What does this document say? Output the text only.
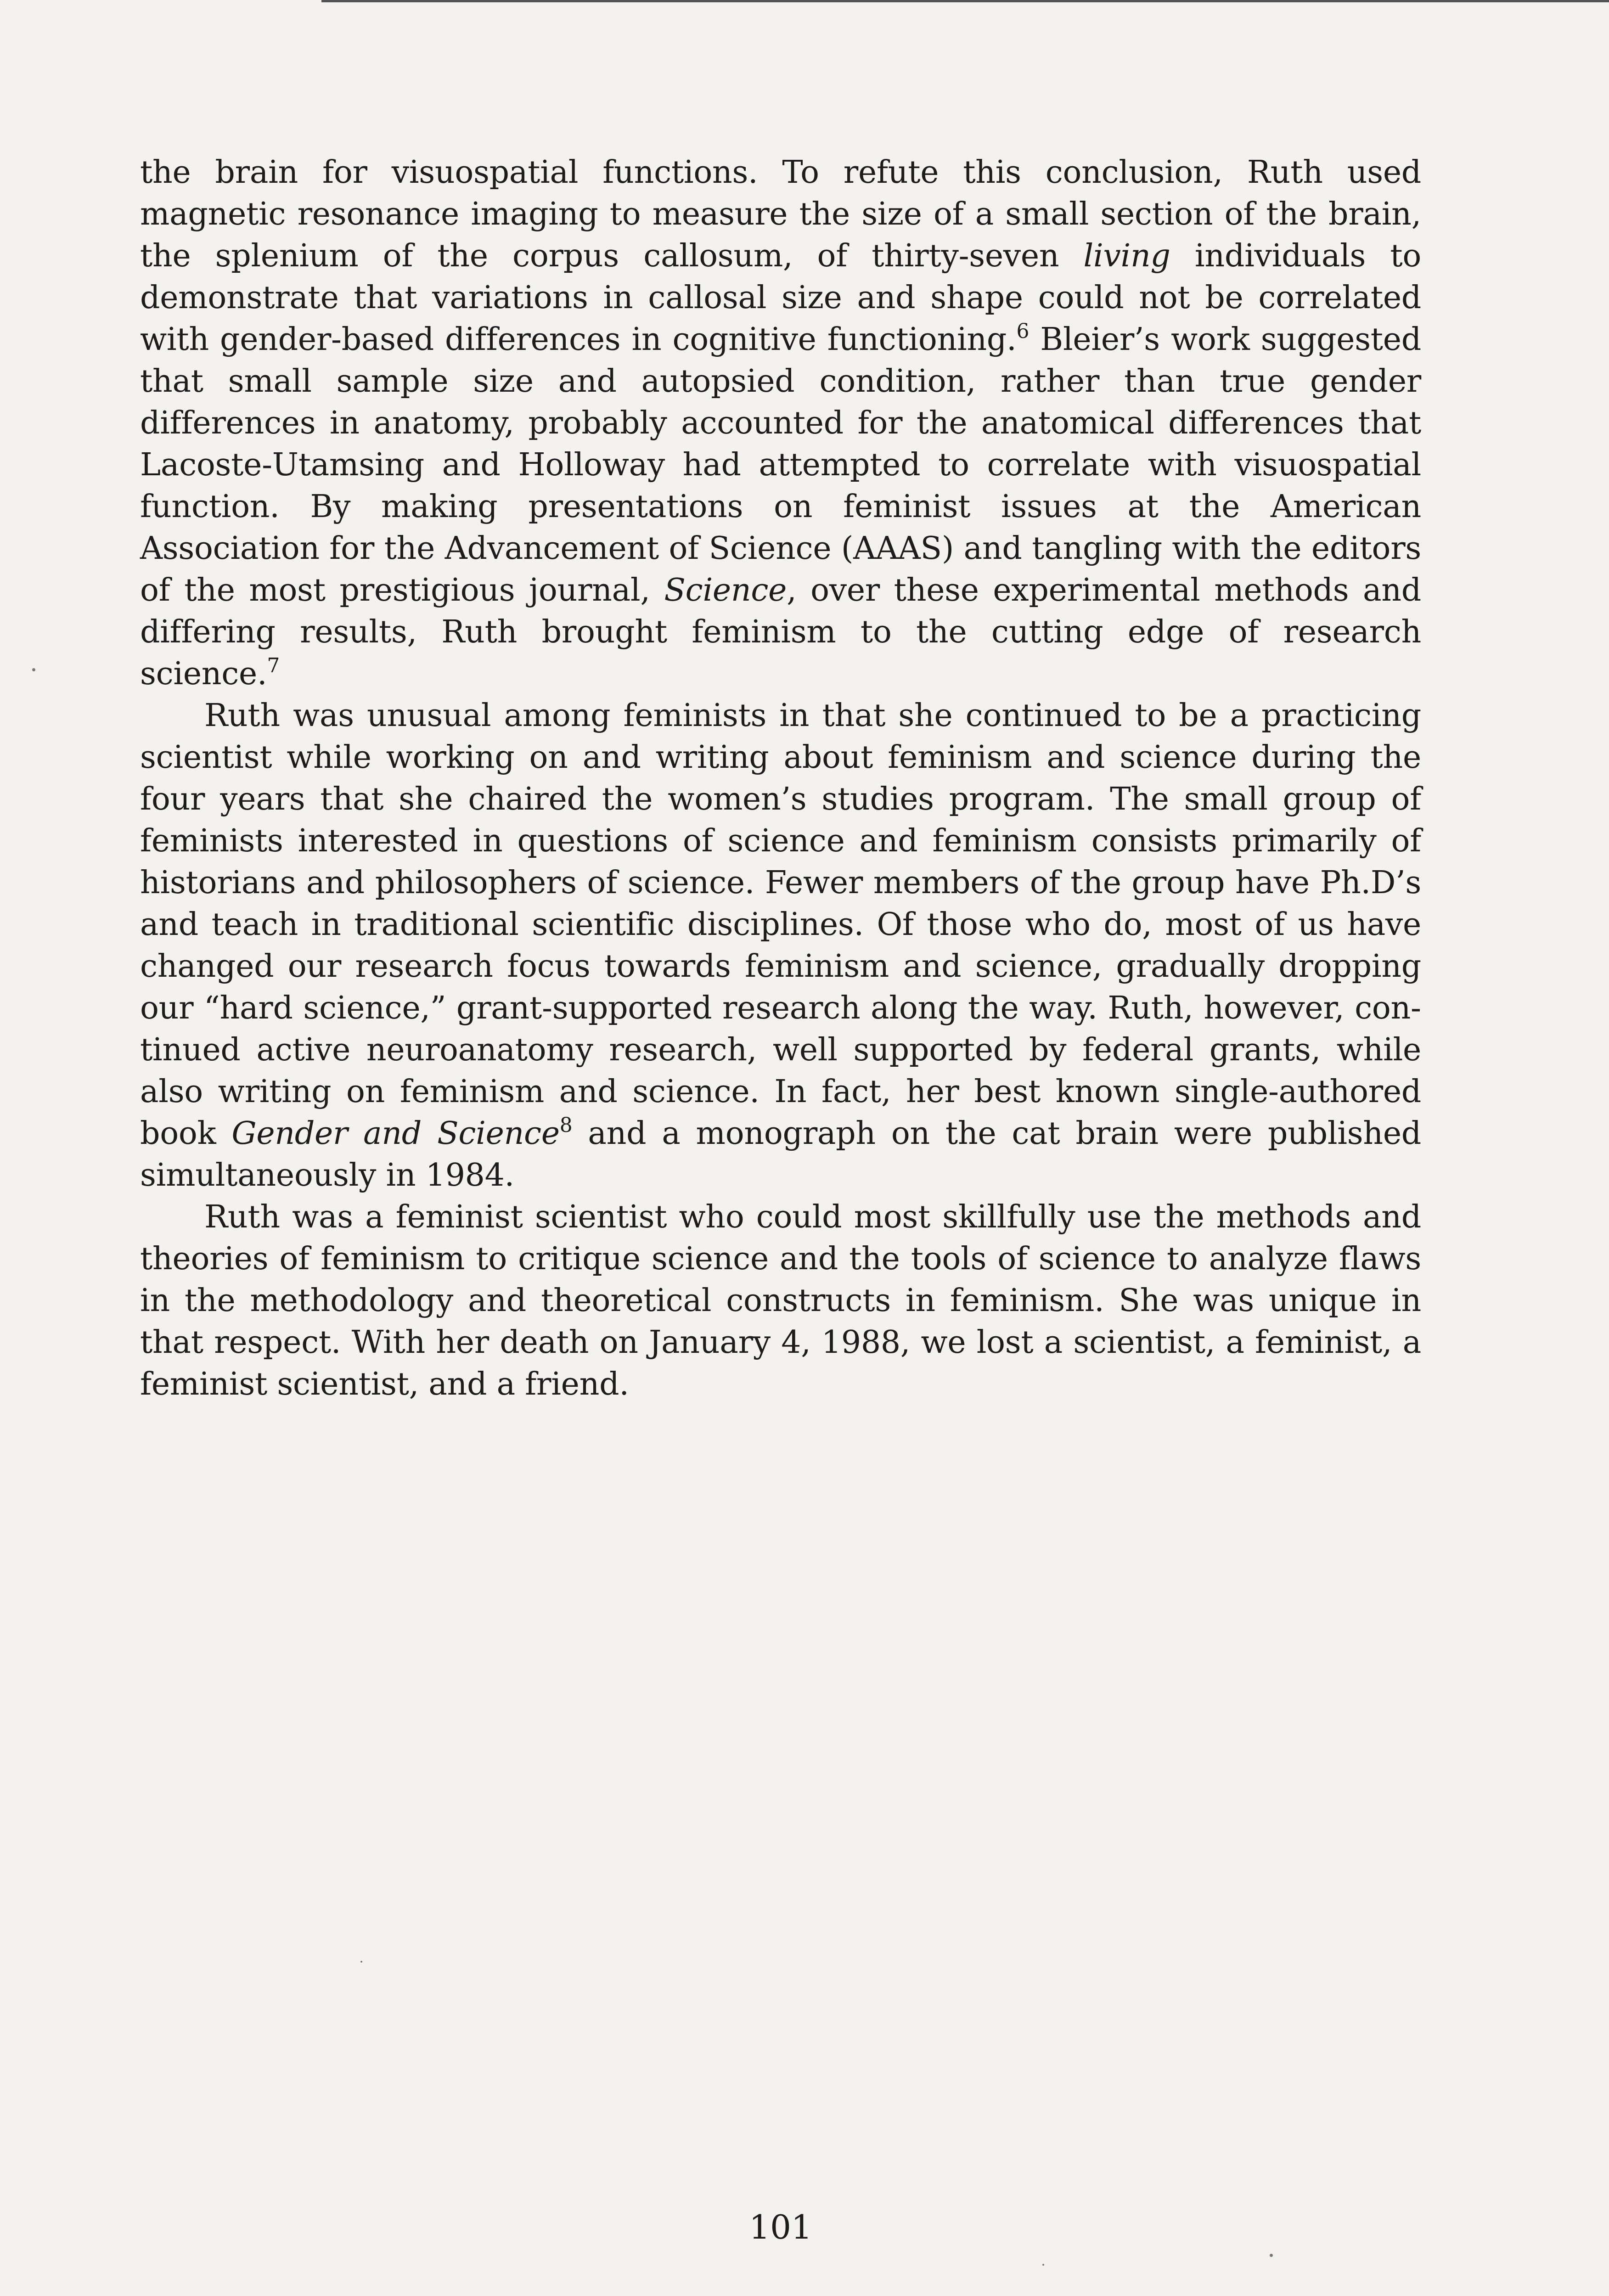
the brain for visuospatial functions. To refute this conclusion, Ruth used magnetic resonance imaging to measure the size of a small section of the brain, the splenium of the corpus callosum, of thirty-seven living individuals to demonstrate that variations in callosal size and shape could not be correlated with gender-based differences in cognitive functioning.$^6$ Bleier’s work suggested that small sample size and autopsied condition, rather than true gender differences in anatomy, probably accounted for the anatomical differences that Lacoste-Utamsing and Holloway had attempted to correlate with visuospatial function. By making presentations on feminist issues at the American Association for the Advancement of Science (AAAS) and tangling with the editors of the most prestigious journal, Science, over these experimental methods and differing results, Ruth brought feminism to the cutting edge of research science.$^7$

Ruth was unusual among feminists in that she continued to be a practicing scientist while working on and writing about feminism and science during the four years that she chaired the women’s studies program. The small group of feminists interested in questions of science and feminism consists primarily of historians and philosophers of science. Fewer members of the group have Ph.D’s and teach in traditional scientific disciplines. Of those who do, most of us have changed our research focus towards feminism and science, gradually dropping our “hard science,” grant-supported research along the way. Ruth, however, continued active neuroanatomy research, well supported by federal grants, while also writing on feminism and science. In fact, her best known single-authored book Gender and Science$^8$ and a monograph on the cat brain were published simultaneously in 1984.

Ruth was a feminist scientist who could most skillfully use the methods and theories of feminism to critique science and the tools of science to analyze flaws in the methodology and theoretical constructs in feminism. She was unique in that respect. With her death on January 4, 1988, we lost a scientist, a feminist, a feminist scientist, and a friend.

101
